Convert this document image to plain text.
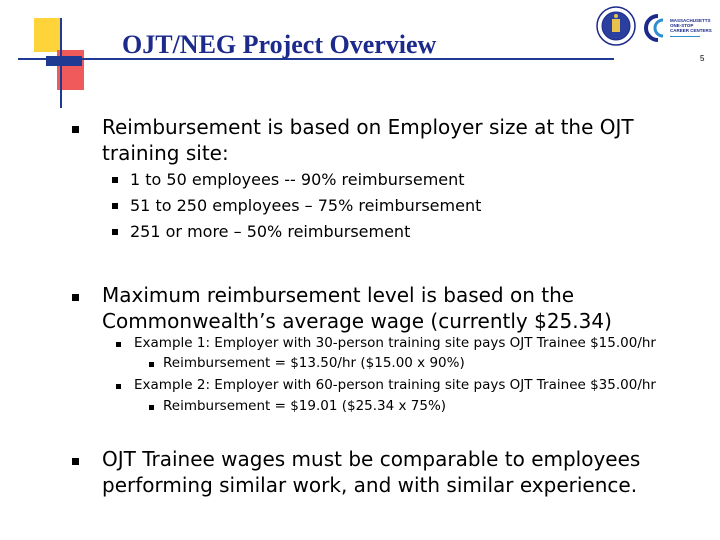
OJT/NEG Project Overview
MASSACHUSETTS
ONE-STOP
CAREER CENTERS
5
Reimbursement is based on Employer size at the OJT
training site:
1 to 50 employees -- 90% reimbursement
51 to 250 employees – 75% reimbursement
251 or more – 50% reimbursement
Maximum reimbursement level is based on the
Commonwealth’s average wage (currently $25.34)
Example 1: Employer with 30-person training site pays OJT Trainee $15.00/hr
Reimbursement = $13.50/hr ($15.00 x 90%)
Example 2: Employer with 60-person training site pays OJT Trainee $35.00/hr
Reimbursement = $19.01 ($25.34 x 75%)
OJT Trainee wages must be comparable to employees
performing similar work, and with similar experience.
